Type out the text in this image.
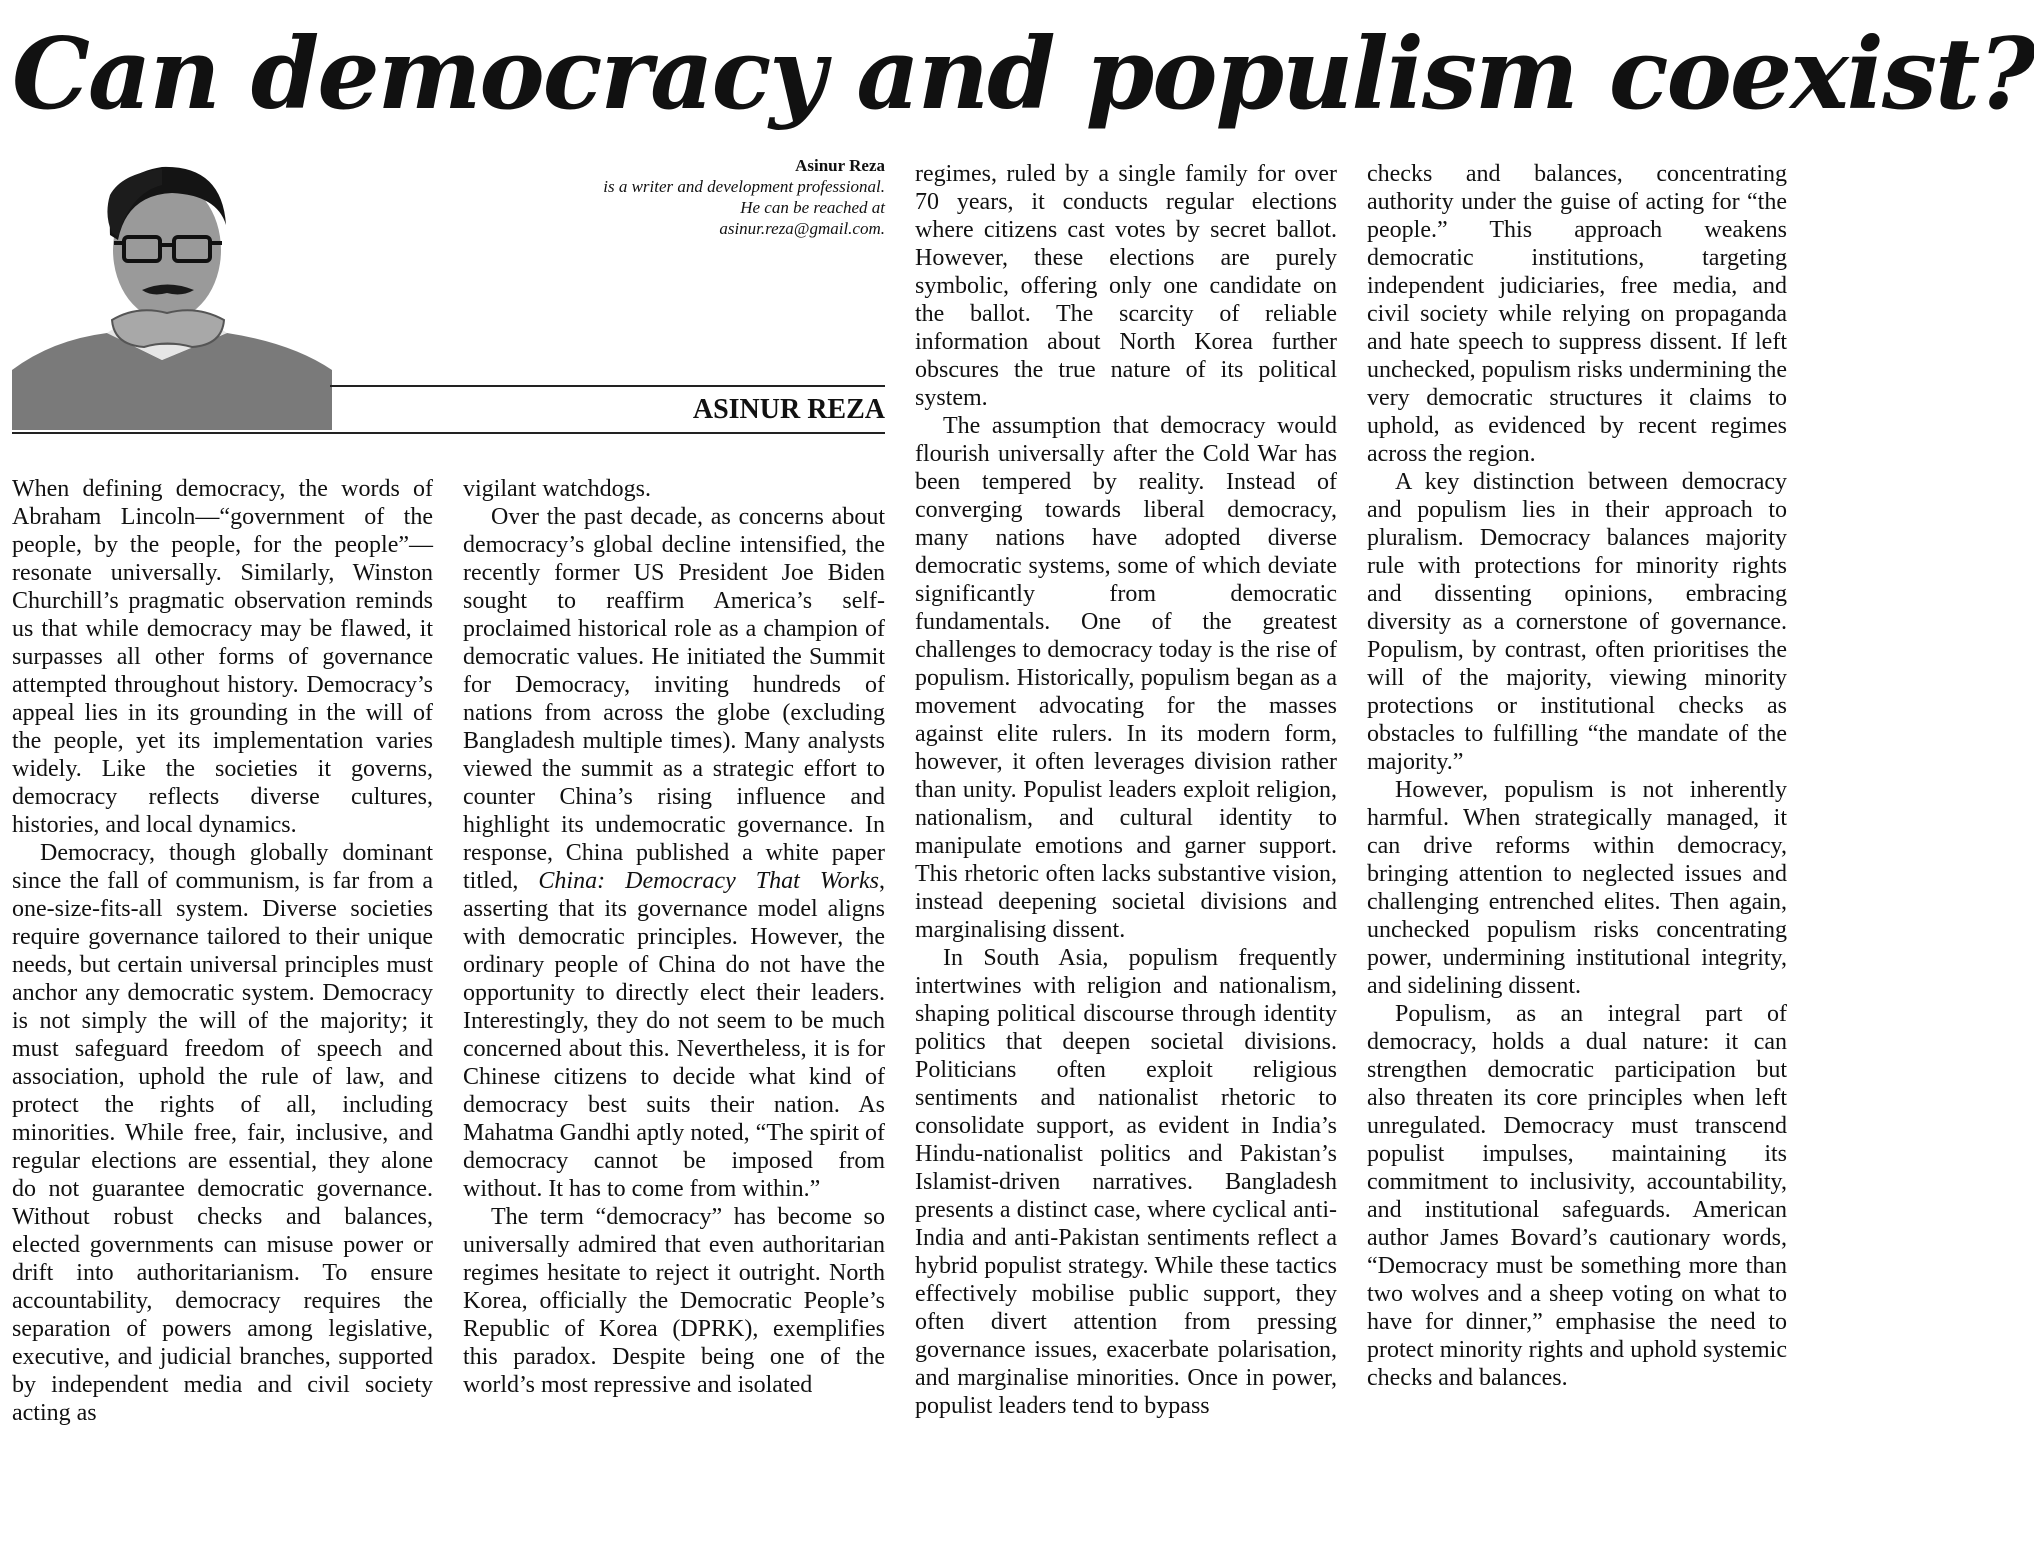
Can democracy and populism coexist?
Asinur Reza
is a writer and development professional.
He can be reached at
asinur.reza@gmail.com.
ASINUR REZA

When defining democracy, the words of Abraham Lincoln—“government of the people, by the people, for the people”—resonate universally. Similarly, Winston Churchill’s pragmatic observation reminds us that while democracy may be flawed, it surpasses all other forms of governance attempted throughout history. Democracy’s appeal lies in its grounding in the will of the people, yet its implementation varies widely. Like the societies it governs, democracy reflects diverse cultures, histories, and local dynamics.

Democracy, though globally dominant since the fall of communism, is far from a one-size-fits-all system. Diverse societies require governance tailored to their unique needs, but certain universal principles must anchor any democratic system. Democracy is not simply the will of the majority; it must safeguard freedom of speech and association, uphold the rule of law, and protect the rights of all, including minorities. While free, fair, inclusive, and regular elections are essential, they alone do not guarantee democratic governance. Without robust checks and balances, elected governments can misuse power or drift into authoritarianism. To ensure accountability, democracy requires the separation of powers among legislative, executive, and judicial branches, supported by independent media and civil society acting as

vigilant watchdogs.

Over the past decade, as concerns about democracy’s global decline intensified, the recently former US President Joe Biden sought to reaffirm America’s self-proclaimed historical role as a champion of democratic values. He initiated the Summit for Democracy, inviting hundreds of nations from across the globe (excluding Bangladesh multiple times). Many analysts viewed the summit as a strategic effort to counter China’s rising influence and highlight its undemocratic governance. In response, China published a white paper titled, China: Democracy That Works, asserting that its governance model aligns with democratic principles. However, the ordinary people of China do not have the opportunity to directly elect their leaders. Interestingly, they do not seem to be much concerned about this. Nevertheless, it is for Chinese citizens to decide what kind of democracy best suits their nation. As Mahatma Gandhi aptly noted, “The spirit of democracy cannot be imposed from without. It has to come from within.”

The term “democracy” has become so universally admired that even authoritarian regimes hesitate to reject it outright. North Korea, officially the Democratic People’s Republic of Korea (DPRK), exemplifies this paradox. Despite being one of the world’s most repressive and isolated

regimes, ruled by a single family for over 70 years, it conducts regular elections where citizens cast votes by secret ballot. However, these elections are purely symbolic, offering only one candidate on the ballot. The scarcity of reliable information about North Korea further obscures the true nature of its political system.

The assumption that democracy would flourish universally after the Cold War has been tempered by reality. Instead of converging towards liberal democracy, many nations have adopted diverse democratic systems, some of which deviate significantly from democratic fundamentals. One of the greatest challenges to democracy today is the rise of populism. Historically, populism began as a movement advocating for the masses against elite rulers. In its modern form, however, it often leverages division rather than unity. Populist leaders exploit religion, nationalism, and cultural identity to manipulate emotions and garner support. This rhetoric often lacks substantive vision, instead deepening societal divisions and marginalising dissent.

In South Asia, populism frequently intertwines with religion and nationalism, shaping political discourse through identity politics that deepen societal divisions. Politicians often exploit religious sentiments and nationalist rhetoric to consolidate support, as evident in India’s Hindu-nationalist politics and Pakistan’s Islamist-driven narratives. Bangladesh presents a distinct case, where cyclical anti-India and anti-Pakistan sentiments reflect a hybrid populist strategy. While these tactics effectively mobilise public support, they often divert attention from pressing governance issues, exacerbate polarisation, and marginalise minorities. Once in power, populist leaders tend to bypass

checks and balances, concentrating authority under the guise of acting for “the people.” This approach weakens democratic institutions, targeting independent judiciaries, free media, and civil society while relying on propaganda and hate speech to suppress dissent. If left unchecked, populism risks undermining the very democratic structures it claims to uphold, as evidenced by recent regimes across the region.

A key distinction between democracy and populism lies in their approach to pluralism. Democracy balances majority rule with protections for minority rights and dissenting opinions, embracing diversity as a cornerstone of governance. Populism, by contrast, often prioritises the will of the majority, viewing minority protections or institutional checks as obstacles to fulfilling “the mandate of the majority.”

However, populism is not inherently harmful. When strategically managed, it can drive reforms within democracy, bringing attention to neglected issues and challenging entrenched elites. Then again, unchecked populism risks concentrating power, undermining institutional integrity, and sidelining dissent.

Populism, as an integral part of democracy, holds a dual nature: it can strengthen democratic participation but also threaten its core principles when left unregulated. Democracy must transcend populist impulses, maintaining its commitment to inclusivity, accountability, and institutional safeguards. American author James Bovard’s cautionary words, “Democracy must be something more than two wolves and a sheep voting on what to have for dinner,” emphasise the need to protect minority rights and uphold systemic checks and balances.
